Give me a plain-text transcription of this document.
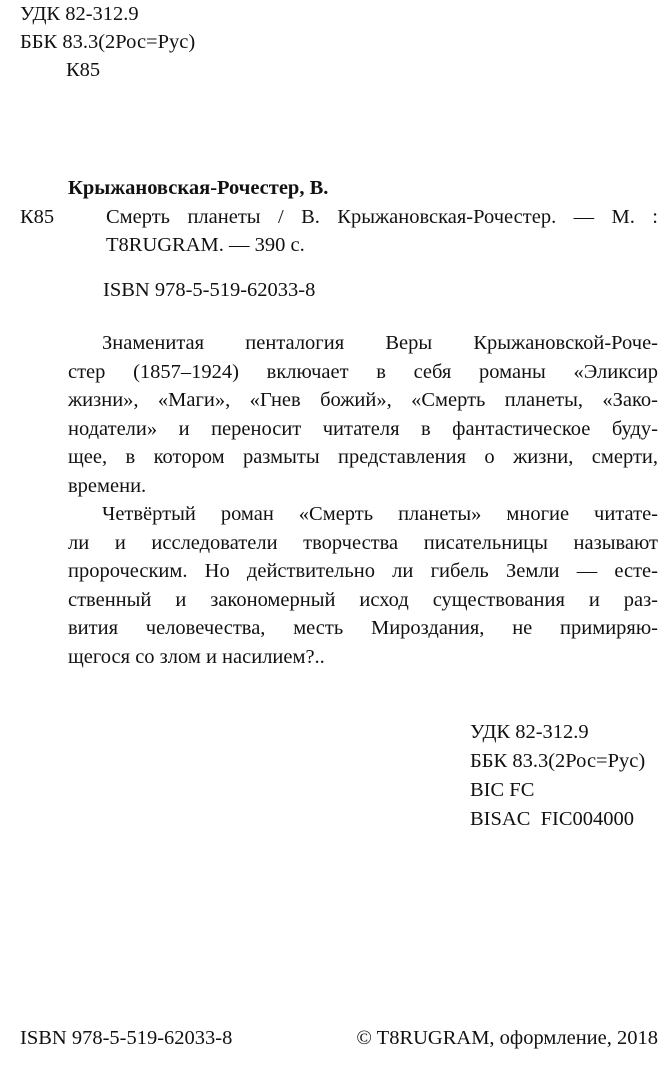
УДК 82-312.9
ББК 83.3(2Рос=Рус)
К85
Крыжановская-Рочестер, В.
К85	Смерть планеты / В. Крыжановская-Рочестер. — М. :
T8RUGRAM. — 390 с.
ISBN 978-5-519-62033-8
Знаменитая пенталогия Веры Крыжановской-Роче-
стер (1857–1924) включает в себя романы «Эликсир
жизни», «Маги», «Гнев божий», «Смерть планеты, «Зако-
нодатели» и переносит читателя в фантастическое буду-
щее, в котором размыты представления о жизни, смерти,
времени.
Четвёртый роман «Смерть планеты» многие читате-
ли и исследователи творчества писательницы называют
пророческим. Но действительно ли гибель Земли — есте-
ственный и закономерный исход существования и раз-
вития человечества, месть Мироздания, не примиряю-
щегося со злом и насилием?..
УДК 82-312.9
ББК 83.3(2Рос=Рус)
BIC FC
BISAC  FIC004000
ISBN 978-5-519-62033-8	© T8RUGRAM, оформление, 2018
